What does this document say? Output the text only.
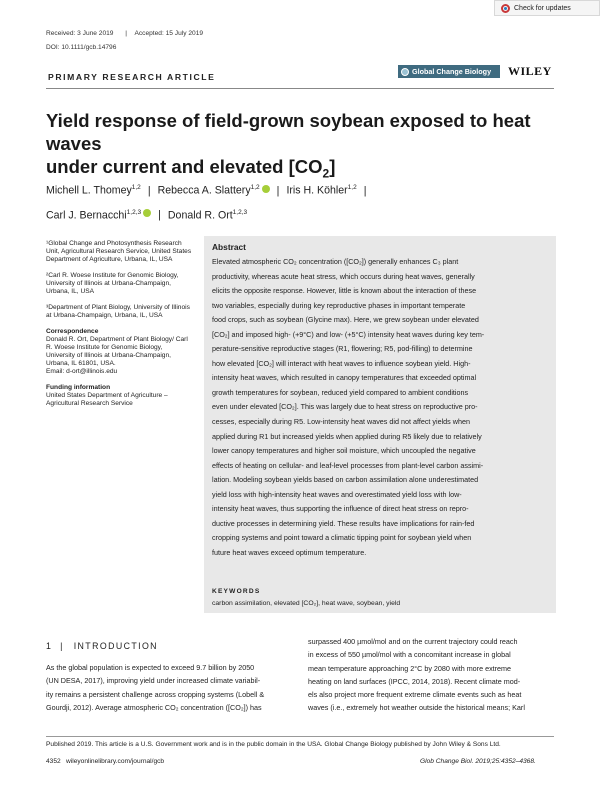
Check for updates
Received: 3 June 2019 | Accepted: 15 July 2019
DOI: 10.1111/gcb.14796
PRIMARY RESEARCH ARTICLE
Global Change Biology WILEY
Yield response of field-grown soybean exposed to heat waves
under current and elevated $[CO_2]$
Michell L. Thomey$^{1,2}$ | Rebecca A. Slattery$^{1,2}$ | Iris H. Köhler$^{1,2}$ |
Carl J. Bernacchi$^{1,2,3}$ | Donald R. Ort$^{1,2,3}$

¹Global Change and Photosynthesis Research Unit, Agricultural Research Service, United States Department of Agriculture, Urbana, IL, USA

²Carl R. Woese Institute for Genomic Biology, University of Illinois at Urbana-Champaign, Urbana, IL, USA

³Department of Plant Biology, University of Illinois at Urbana-Champaign, Urbana, IL, USA

Correspondence

Donald R. Ort, Department of Plant Biology/ Carl R. Woese Institute for Genomic Biology, University of Illinois at Urbana-Champaign, Urbana, IL 61801, USA.

Email: d-ort@illinois.edu

Funding information

United States Department of Agriculture – Agricultural Research Service

Abstract
Elevated atmospheric CO₂ concentration ([CO₂]) generally enhances C₃ plant
productivity, whereas acute heat stress, which occurs during heat waves, generally
elicits the opposite response. However, little is known about the interaction of these
two variables, especially during key reproductive phases in important temperate
food crops, such as soybean (Glycine max). Here, we grew soybean under elevated
[CO₂] and imposed high- (+9°C) and low- (+5°C) intensity heat waves during key tem-
perature-sensitive reproductive stages (R1, flowering; R5, pod-filling) to determine
how elevated [CO₂] will interact with heat waves to influence soybean yield. High-
intensity heat waves, which resulted in canopy temperatures that exceeded optimal
growth temperatures for soybean, reduced yield compared to ambient conditions
even under elevated [CO₂]. This was largely due to heat stress on reproductive pro-
cesses, especially during R5. Low-intensity heat waves did not affect yields when
applied during R1 but increased yields when applied during R5 likely due to relatively
lower canopy temperatures and higher soil moisture, which uncoupled the negative
effects of heating on cellular- and leaf-level processes from plant-level carbon assimi-
lation. Modeling soybean yields based on carbon assimilation alone underestimated
yield loss with high-intensity heat waves and overestimated yield loss with low-
intensity heat waves, thus supporting the influence of direct heat stress on repro-
ductive processes in determining yield. These results have implications for rain-fed
cropping systems and point toward a climatic tipping point for soybean yield when
future heat waves exceed optimum temperature.
KEYWORDS
carbon assimilation, elevated [CO₂], heat wave, soybean, yield
1 | INTRODUCTION
As the global population is expected to exceed 9.7 billion by 2050
(UN DESA, 2017), improving yield under increased climate variabil-
ity remains a persistent challenge across cropping systems (Lobell &
Gourdji, 2012). Average atmospheric CO₂ concentration ([CO₂]) has
surpassed 400 µmol/mol and on the current trajectory could reach
in excess of 550 µmol/mol with a concomitant increase in global
mean temperature approaching 2°C by 2080 with more extreme
heating on land surfaces (IPCC, 2014, 2018). Recent climate mod-
els also project more frequent extreme climate events such as heat
waves (i.e., extremely hot weather outside the historical means; Karl
Published 2019. This article is a U.S. Government work and is in the public domain in the USA. Global Change Biology published by John Wiley & Sons Ltd.
4352 wileyonlinelibrary.com/journal/gcb	Glob Change Biol. 2019;25:4352–4368.
